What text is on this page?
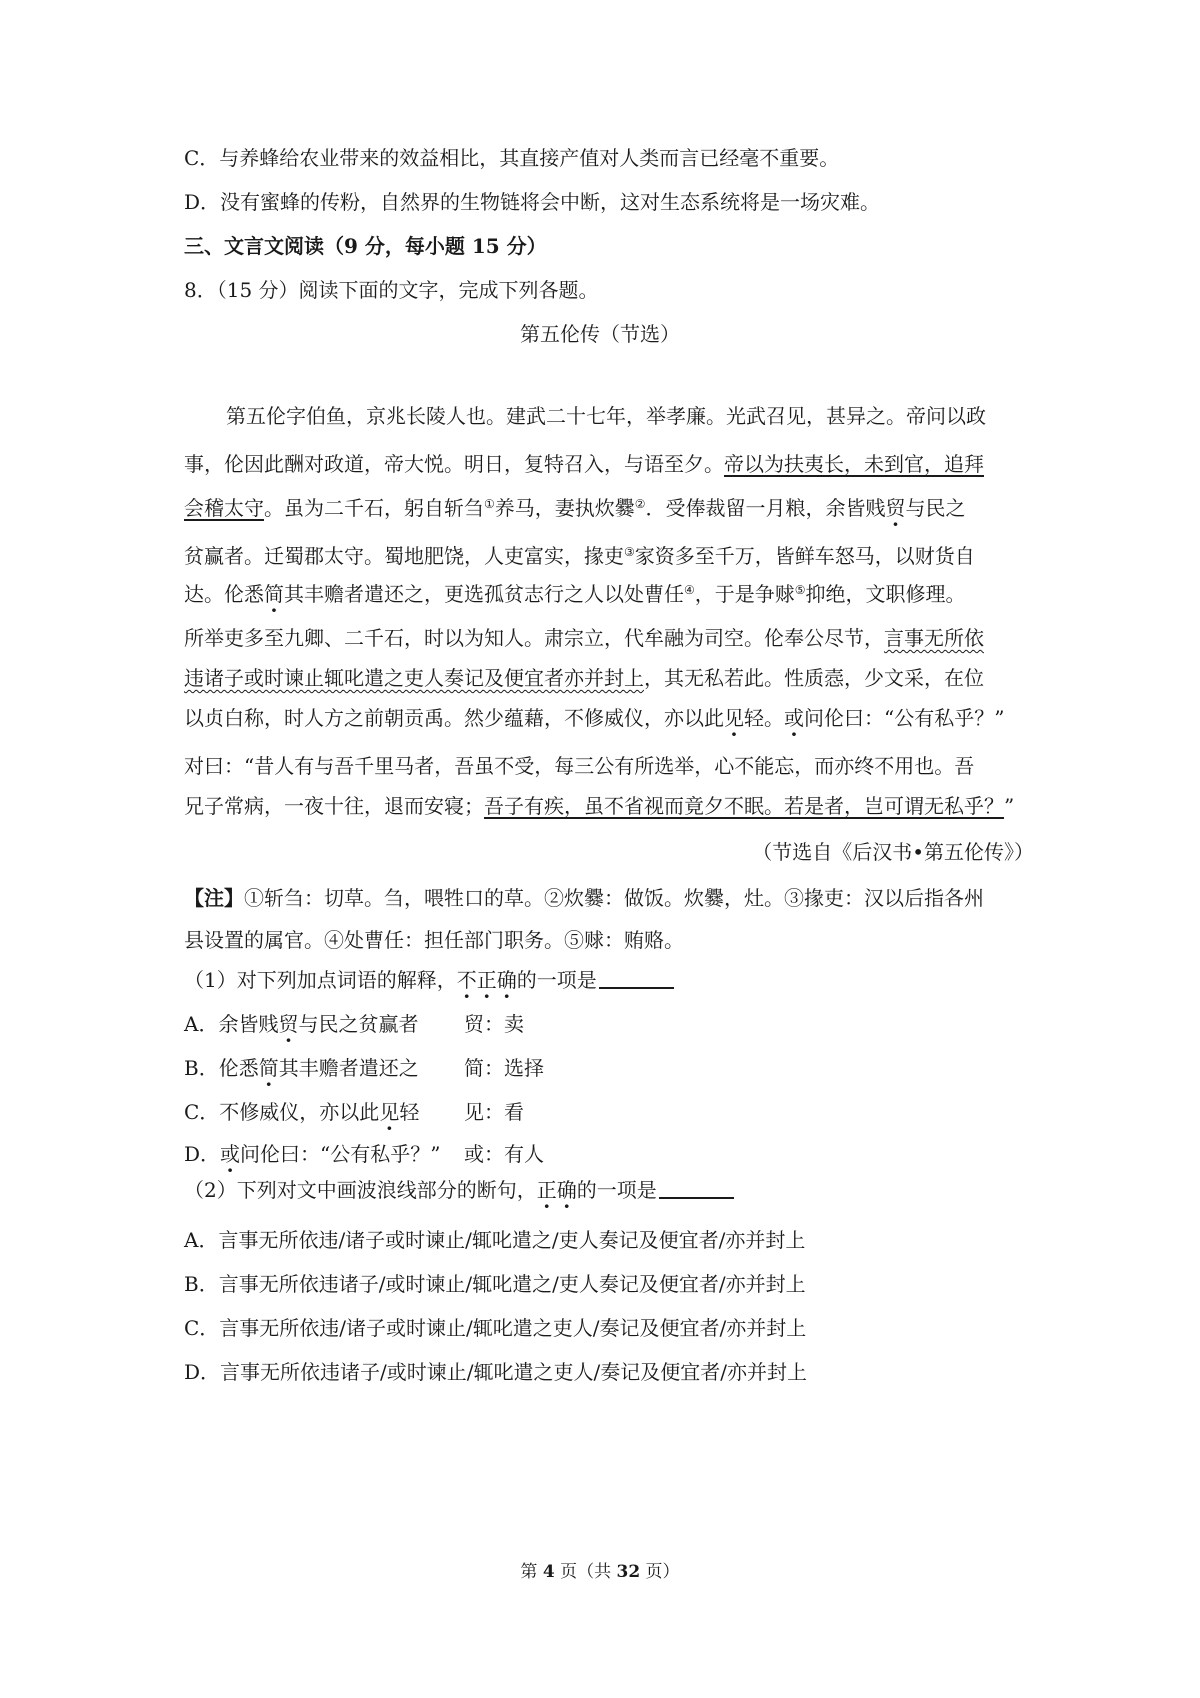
C．与养蜂给农业带来的效益相比，其直接产值对人类而言已经毫不重要。
D．没有蜜蜂的传粉，自然界的生物链将会中断，这对生态系统将是一场灾难。
三、文言文阅读（9 分，每小题 15 分）
8．（15 分）阅读下面的文字，完成下列各题。
第五伦传（节选）
第五伦字伯鱼，京兆长陵人也。建武二十七年，举孝廉。光武召见，甚异之。帝问以政
事，伦因此酬对政道，帝大悦。明日，复特召入，与语至夕。帝以为扶夷长，未到官，追拜
会稽太守。虽为二千石，躬自斩刍①养马，妻执炊爨②．受俸裁留一月粮，余皆贱贸与民之
贫赢者。迁蜀郡太守。蜀地肥饶，人吏富实，掾吏③家资多至千万，皆鲜车怒马，以财货自
达。伦悉简其丰赡者遣还之，更选孤贫志行之人以处曹任④，于是争赇⑤抑绝，文职修理。
所举吏多至九卿、二千石，时以为知人。肃宗立，代牟融为司空。伦奉公尽节，言事无所依
违诸子或时谏止辄叱遣之吏人奏记及便宜者亦并封上，其无私若此。性质悫，少文采，在位
以贞白称，时人方之前朝贡禹。然少蕴藉，不修威仪，亦以此见轻。或问伦曰：“公有私乎？”
对曰：“昔人有与吾千里马者，吾虽不受，每三公有所选举，心不能忘，而亦终不用也。吾
兄子常病，一夜十往，退而安寝；吾子有疾，虽不省视而竟夕不眠。若是者，岂可谓无私乎？”
（节选自《后汉书•第五伦传》）
【注】①斩刍：切草。刍，喂牲口的草。②炊爨：做饭。炊爨，灶。③掾吏：汉以后指各州
县设置的属官。④处曹任：担任部门职务。⑤赇：贿赂。
（1）对下列加点词语的解释，不正确的一项是
A．余皆贱贸与民之贫赢者 贸：卖
B．伦悉简其丰赡者遣还之 简：选择
C．不修威仪，亦以此见轻 见：看
D．或问伦曰：“公有私乎？” 或：有人
（2）下列对文中画波浪线部分的断句，正确的一项是
A．言事无所依违/诸子或时谏止/辄叱遣之/吏人奏记及便宜者/亦并封上
B．言事无所依违诸子/或时谏止/辄叱遣之/吏人奏记及便宜者/亦并封上
C．言事无所依违/诸子或时谏止/辄叱遣之吏人/奏记及便宜者/亦并封上
D．言事无所依违诸子/或时谏止/辄叱遣之吏人/奏记及便宜者/亦并封上
第 4 页（共 32 页）
